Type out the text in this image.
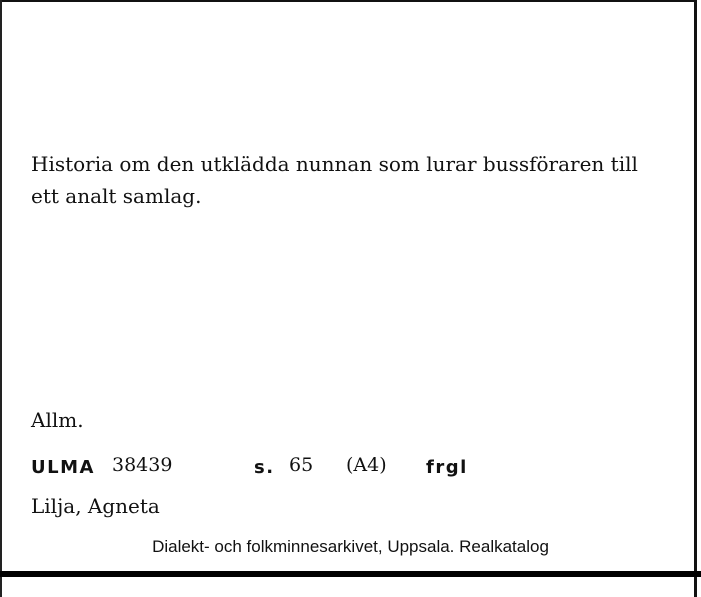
Historia om den utklädda nunnan som lurar bussföraren till ett analt samlag.

Allm.
ULMA 38439	s. 65 (A4) frgl
Lilja, Agneta
Dialekt- och folkminnesarkivet, Uppsala. Realkatalog
